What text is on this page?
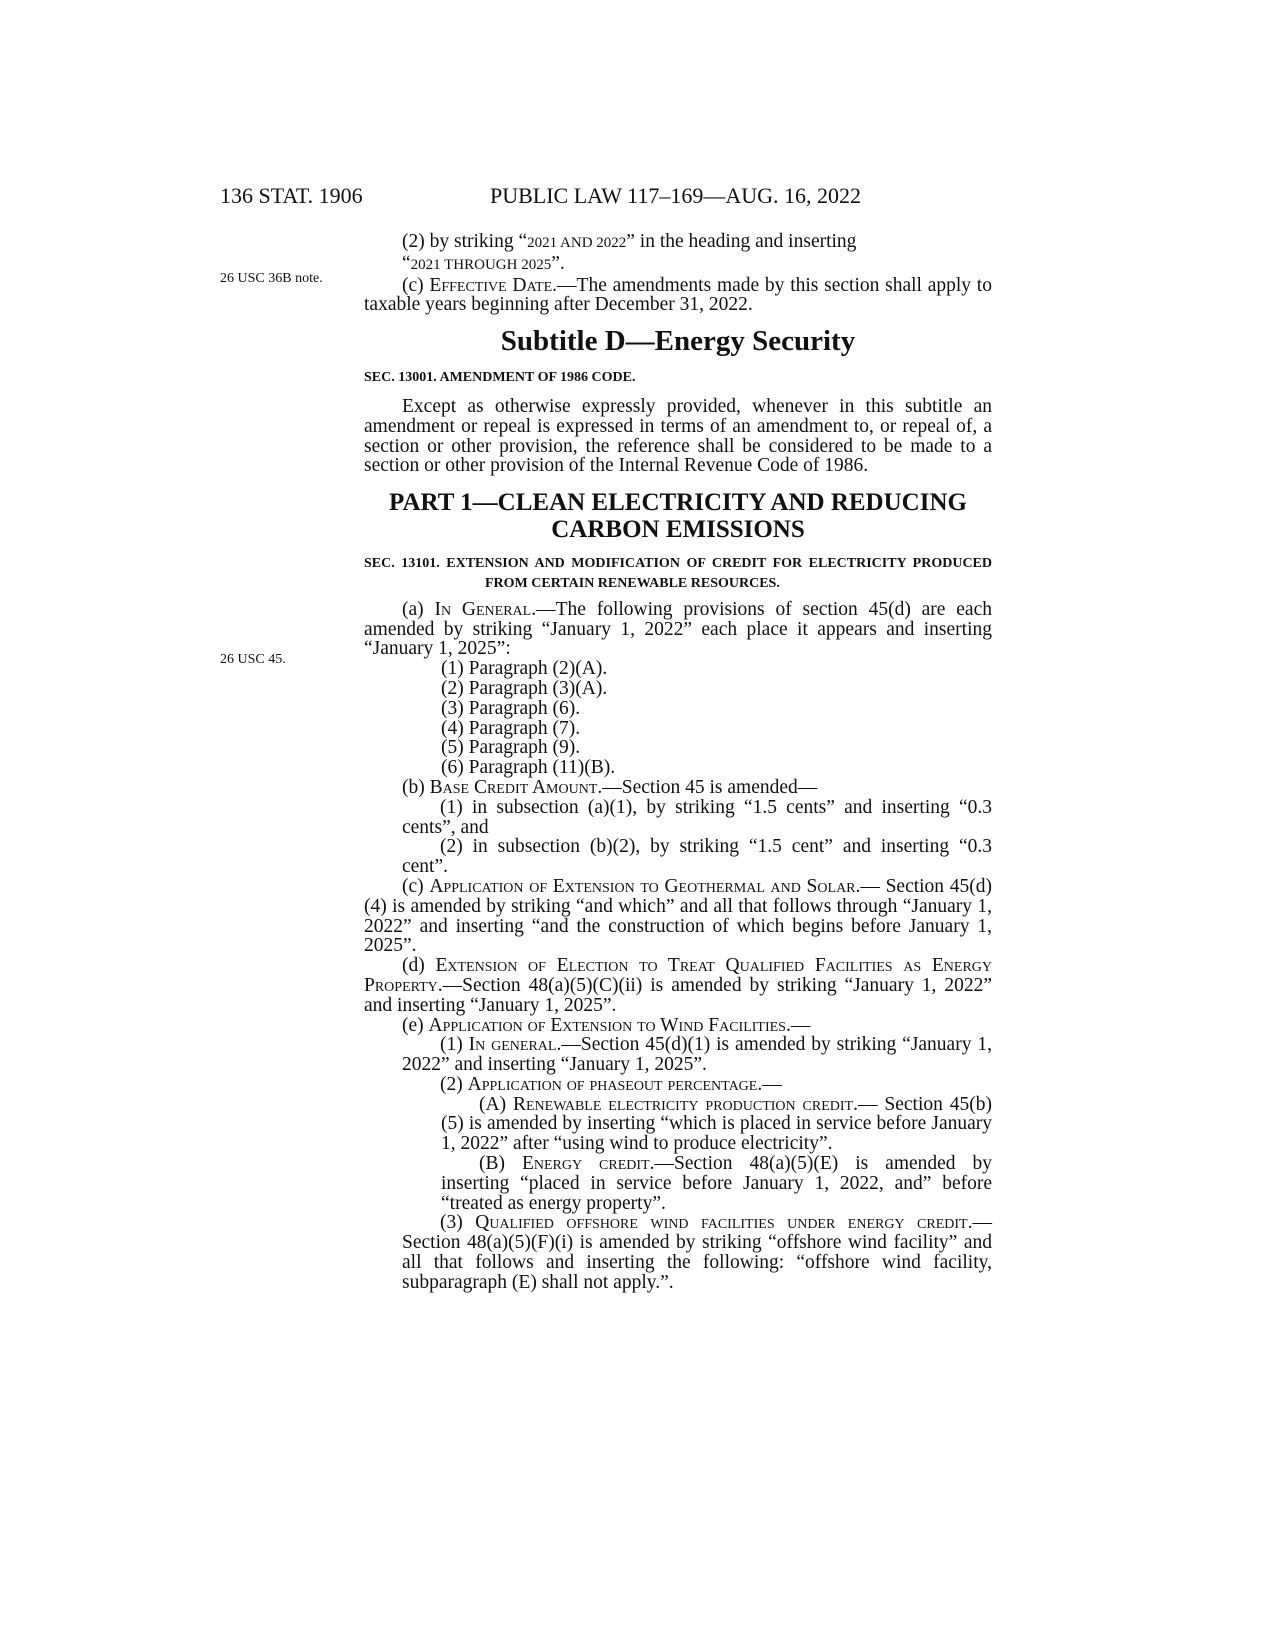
136 STAT. 1906	PUBLIC LAW 117–169—AUG. 16, 2022
26 USC 36B note.
26 USC 45.

(2) by striking “2021 AND 2022” in the heading and inserting

“2021 THROUGH 2025”.

(c) Effective Date.—The amendments made by this section shall apply to taxable years beginning after December 31, 2022.

Subtitle D—Energy Security
SEC. 13001. AMENDMENT OF 1986 CODE.

Except as otherwise expressly provided, whenever in this subtitle an amendment or repeal is expressed in terms of an amendment to, or repeal of, a section or other provision, the reference shall be considered to be made to a section or other provision of the Internal Revenue Code of 1986.

PART 1—CLEAN ELECTRICITY AND REDUCING
CARBON EMISSIONS
SEC. 13101. EXTENSION AND MODIFICATION OF CREDIT FOR ELECTRICITY PRODUCED FROM CERTAIN RENEWABLE RESOURCES.

(a) In General.—The following provisions of section 45(d) are each amended by striking “January 1, 2022” each place it appears and inserting “January 1, 2025”:

(1) Paragraph (2)(A).

(2) Paragraph (3)(A).

(3) Paragraph (6).

(4) Paragraph (7).

(5) Paragraph (9).

(6) Paragraph (11)(B).

(b) Base Credit Amount.—Section 45 is amended—

(1) in subsection (a)(1), by striking “1.5 cents” and inserting “0.3 cents”, and

(2) in subsection (b)(2), by striking “1.5 cent” and inserting “0.3 cent”.

(c) Application of Extension to Geothermal and Solar.— Section 45(d)(4) is amended by striking “and which” and all that follows through “January 1, 2022” and inserting “and the construction of which begins before January 1, 2025”.

(d) Extension of Election to Treat Qualified Facilities as Energy Property.—Section 48(a)(5)(C)(ii) is amended by striking “January 1, 2022” and inserting “January 1, 2025”.

(e) Application of Extension to Wind Facilities.—

(1) In general.—Section 45(d)(1) is amended by striking “January 1, 2022” and inserting “January 1, 2025”.

(2) Application of phaseout percentage.—

(A) Renewable electricity production credit.— Section 45(b)(5) is amended by inserting “which is placed in service before January 1, 2022” after “using wind to produce electricity”.

(B) Energy credit.—Section 48(a)(5)(E) is amended by inserting “placed in service before January 1, 2022, and” before “treated as energy property”.

(3) Qualified offshore wind facilities under energy credit.—Section 48(a)(5)(F)(i) is amended by striking “offshore wind facility” and all that follows and inserting the following: “offshore wind facility, subparagraph (E) shall not apply.”.
